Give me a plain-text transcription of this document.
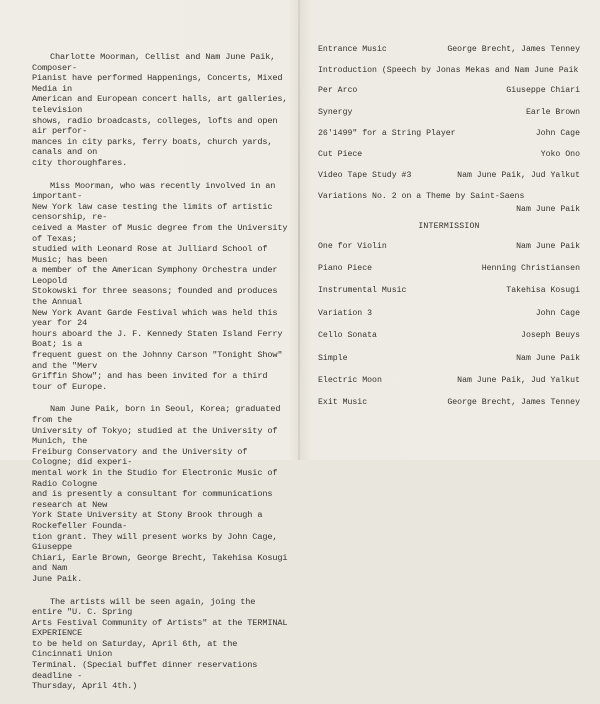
Charlotte Moorman, Cellist and Nam June Paik, Composer-
Pianist have performed Happenings, Concerts, Mixed Media in
American and European concert halls, art galleries, television
shows, radio broadcasts, colleges, lofts and open air perfor-
mances in city parks, ferry boats, church yards, canals and on
city thoroughfares.

Miss Moorman, who was recently involved in an important-
New York law case testing the limits of artistic censorship, re-
ceived a Master of Music degree from the University of Texas;
studied with Leonard Rose at Julliard School of Music; has been
a member of the American Symphony Orchestra under Leopold
Stokowski for three seasons; founded and produces the Annual
New York Avant Garde Festival which was held this year for 24
hours aboard the J. F. Kennedy Staten Island Ferry Boat; is a
frequent guest on the Johnny Carson "Tonight Show" and the "Merv
Griffin Show"; and has been invited for a third tour of Europe.

Nam June Paik, born in Seoul, Korea; graduated from the
University of Tokyo; studied at the University of Munich, the
Freiburg Conservatory and the University of Cologne; did experi-
mental work in the Studio for Electronic Music of Radio Cologne
and is presently a consultant for communications research at New
York State University at Stony Brook through a Rockefeller Founda-
tion grant. They will present works by John Cage, Giuseppe
Chiari, Earle Brown, George Brecht, Takehisa Kosugi and Nam
June Paik.

The artists will be seen again, joing the entire "U. C. Spring
Arts Festival Community of Artists" at the TERMINAL EXPERIENCE
to be held on Saturday, April 6th, at the Cincinnati Union
Terminal. (Special buffet dinner reservations deadline -
Thursday, April 4th.)

Entrance Music	George Brecht, James Tenney
Introduction (Speech by Jonas Mekas and Nam June Paik
Per Arco	Giuseppe Chiari
Synergy	Earle Brown
26'1499" for a String Player	John Cage
Cut Piece	Yoko Ono
Video Tape Study #3	Nam June Paik, Jud Yalkut
Variations No. 2 on a Theme by Saint-Saens
Nam June Paik
INTERMISSION
One for Violin	Nam June Paik
Piano Piece	Henning Christiansen
Instrumental Music	Takehisa Kosugi
Variation 3	John Cage
Cello Sonata	Joseph Beuys
Simple	Nam June Paik
Electric Moon	Nam June Paik, Jud Yalkut
Exit Music	George Brecht, James Tenney
